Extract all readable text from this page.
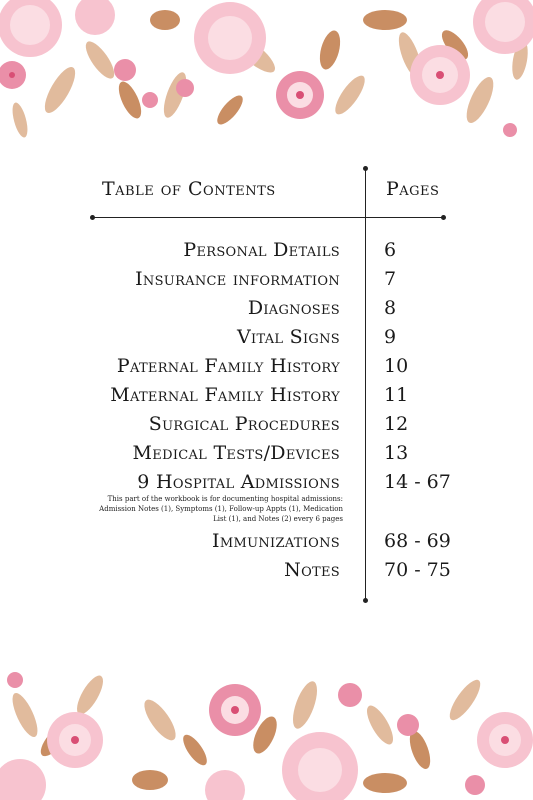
Table of Contents	Pages
Personal Details 6
Insurance information 7
Diagnoses 8
Vital Signs 9
Paternal Family History 10
Maternal Family History 11
Surgical Procedures 12
Medical Tests/Devices 13
9 Hospital Admissions 14 - 67
This part of the workbook is for documenting hospital admissions: Admission Notes (1), Symptoms (1), Follow-up Appts (1), Medication List (1), and Notes (2) every 6 pages
Immunizations 68 - 69
Notes 70 - 75
